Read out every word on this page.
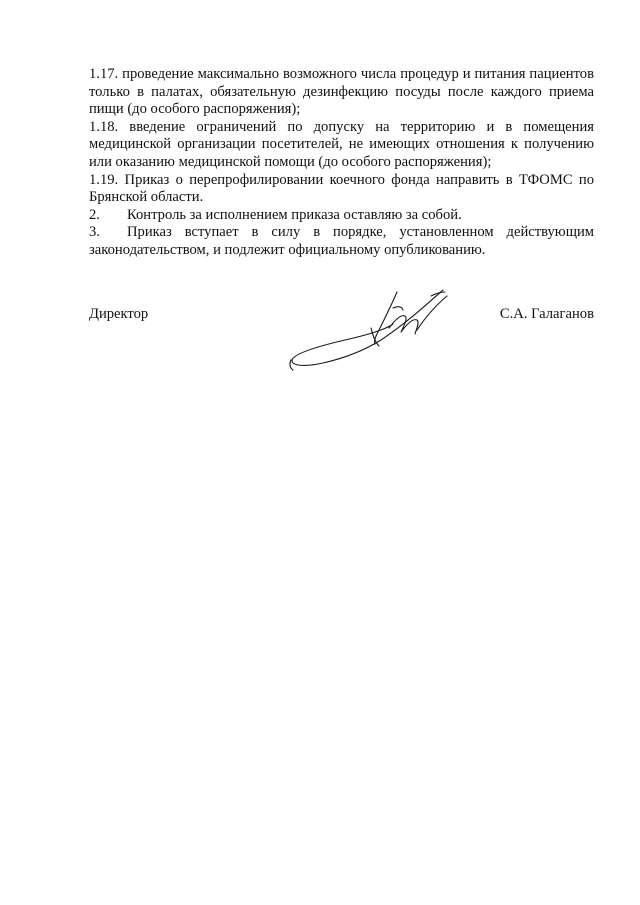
1.17. проведение максимально возможного числа процедур и питания пациентов только в палатах, обязательную дезинфекцию посуды после каждого приема пищи (до особого распоряжения);

1.18. введение ограничений по допуску на территорию и в помещения медицинской организации посетителей, не имеющих отношения к получению или оказанию медицинской помощи (до особого распоряжения);

1.19. Приказ о перепрофилировании коечного фонда направить в ТФОМС по Брянской области.

2. Контроль за исполнением приказа оставляю за собой.

3. Приказ вступает в силу в порядке, установленном действующим законодательством, и подлежит официальному опубликованию.

Директор	С.А. Галаганов
